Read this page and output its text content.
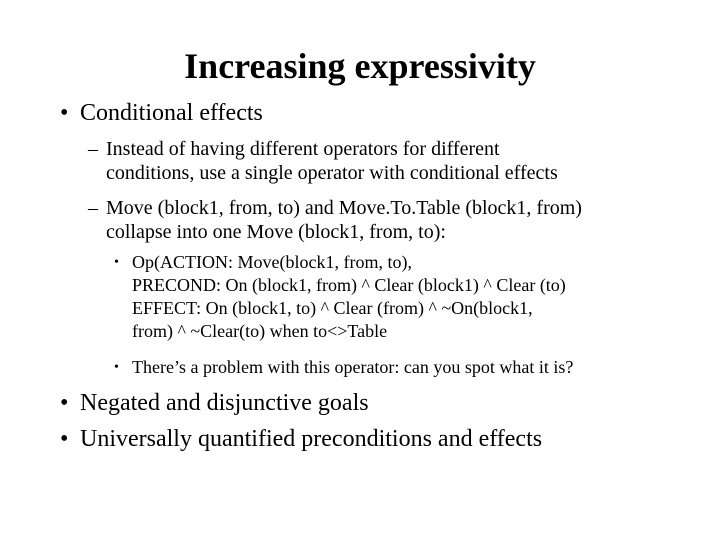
Increasing expressivity
• Conditional effects
– Instead of having different operators for different
conditions, use a single operator with conditional effects
– Move (block1, from, to) and Move.To.Table (block1, from)
collapse into one Move (block1, from, to):
• Op(ACTION: Move(block1, from, to),
PRECOND: On (block1, from) ^ Clear (block1) ^ Clear (to)
EFFECT: On (block1, to) ^ Clear (from) ^ ~On(block1,
from) ^ ~Clear(to) when to<>Table
• There’s a problem with this operator: can you spot what it is?
• Negated and disjunctive goals
• Universally quantified preconditions and effects
